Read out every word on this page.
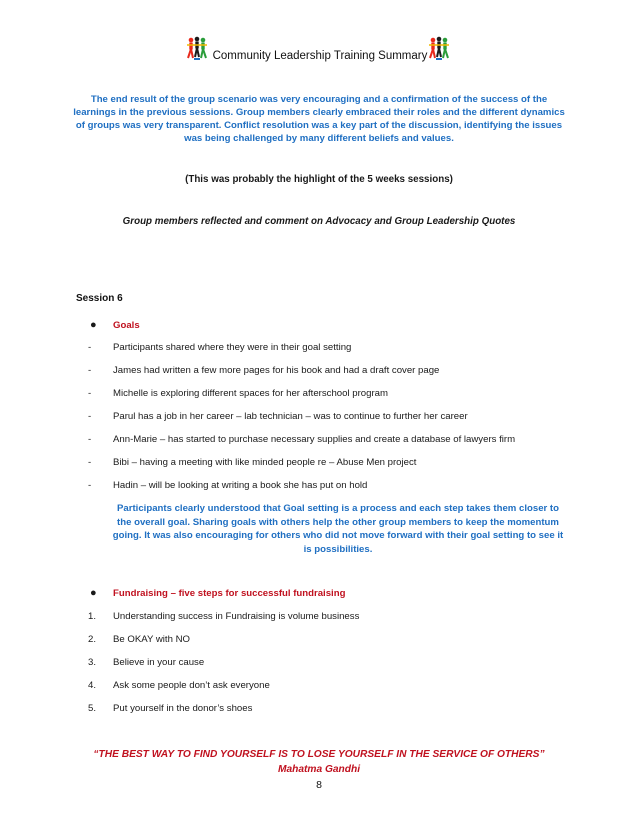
Community Leadership Training Summary
The end result of the group scenario was very encouraging and a confirmation of the success of the learnings in the previous sessions. Group members clearly embraced their roles and the different dynamics of groups was very transparent. Conflict resolution was a key part of the discussion, identifying the issues was being challenged by many different beliefs and values.
(This was probably the highlight of the 5 weeks sessions)
Group members reflected and comment on Advocacy and Group Leadership Quotes
Session 6
● Goals
-	Participants shared where they were in their goal setting
-	James had written a few more pages for his book and had a draft cover page
-	Michelle is exploring different spaces for her afterschool program
-	Parul has a job in her career – lab technician – was to continue to further her career
-	Ann-Marie – has started to purchase necessary supplies and create a database of lawyers firm
-	Bibi – having a meeting with like minded people re – Abuse Men project
-	Hadin – will be looking at writing a book she has put on hold
Participants clearly understood that Goal setting is a process and each step takes them closer to the overall goal. Sharing goals with others help the other group members to keep the momentum going. It was also encouraging for others who did not move forward with their goal setting to see it is possibilities.
● Fundraising – five steps for successful fundraising
1.	Understanding success in Fundraising is volume business
2.	Be OKAY with NO
3.	Believe in your cause
4.	Ask some people don’t ask everyone
5.	Put yourself in the donor’s shoes
“THE BEST WAY TO FIND YOURSELF IS TO LOSE YOURSELF IN THE SERVICE OF OTHERS”
Mahatma Gandhi
8
